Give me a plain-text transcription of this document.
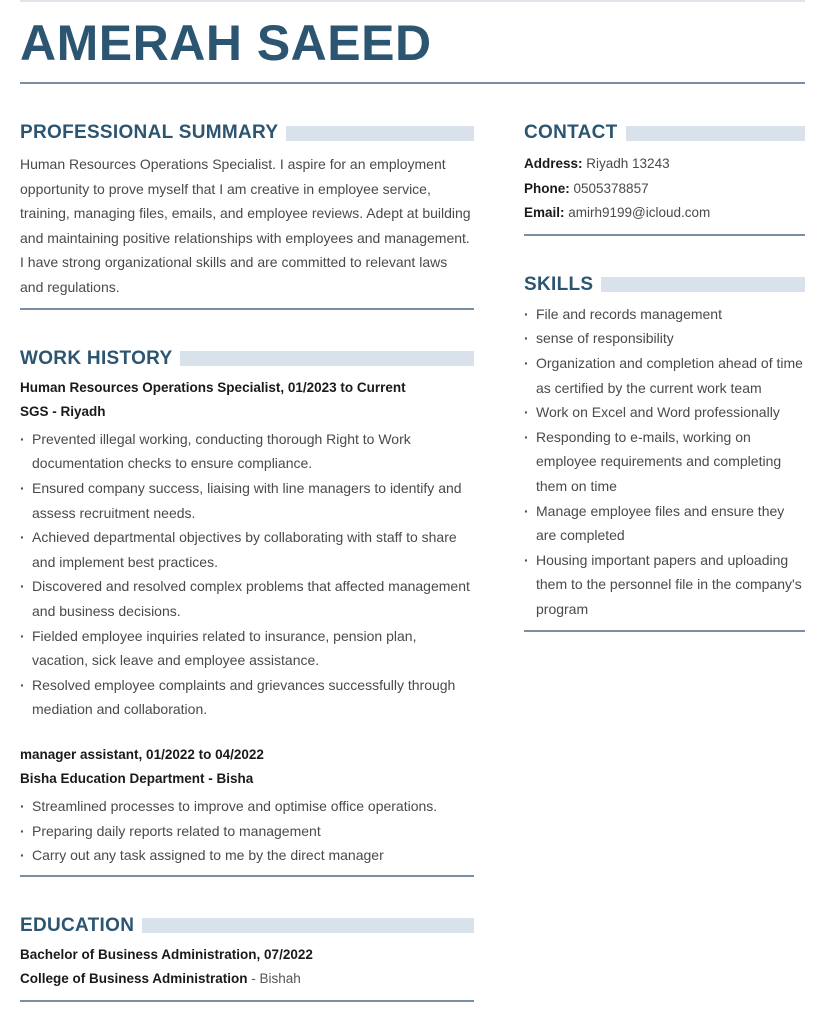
AMERAH SAEED
PROFESSIONAL SUMMARY

Human Resources Operations Specialist. I aspire for an employment opportunity to prove myself that I am creative in employee service, training, managing files, emails, and employee reviews. Adept at building and maintaining positive relationships with employees and management. I have strong organizational skills and are committed to relevant laws and regulations.

WORK HISTORY
Human Resources Operations Specialist, 01/2023 to Current
SGS - Riyadh
· Prevented illegal working, conducting thorough Right to Work documentation checks to ensure compliance.
· Ensured company success, liaising with line managers to identify and assess recruitment needs.
· Achieved departmental objectives by collaborating with staff to share and implement best practices.
· Discovered and resolved complex problems that affected management and business decisions.
· Fielded employee inquiries related to insurance, pension plan, vacation, sick leave and employee assistance.
· Resolved employee complaints and grievances successfully through mediation and collaboration.
manager assistant, 01/2022 to 04/2022
Bisha Education Department - Bisha
· Streamlined processes to improve and optimise office operations.
· Preparing daily reports related to management
· Carry out any task assigned to me by the direct manager
EDUCATION
Bachelor of Business Administration, 07/2022
College of Business Administration - Bishah
CONTACT
Address: Riyadh 13243
Phone: 0505378857
Email: amirh9199@icloud.com
SKILLS
· File and records management
· sense of responsibility
· Organization and completion ahead of time as certified by the current work team
· Work on Excel and Word professionally
· Responding to e-mails, working on employee requirements and completing them on time
· Manage employee files and ensure they are completed
· Housing important papers and uploading them to the personnel file in the company's program
